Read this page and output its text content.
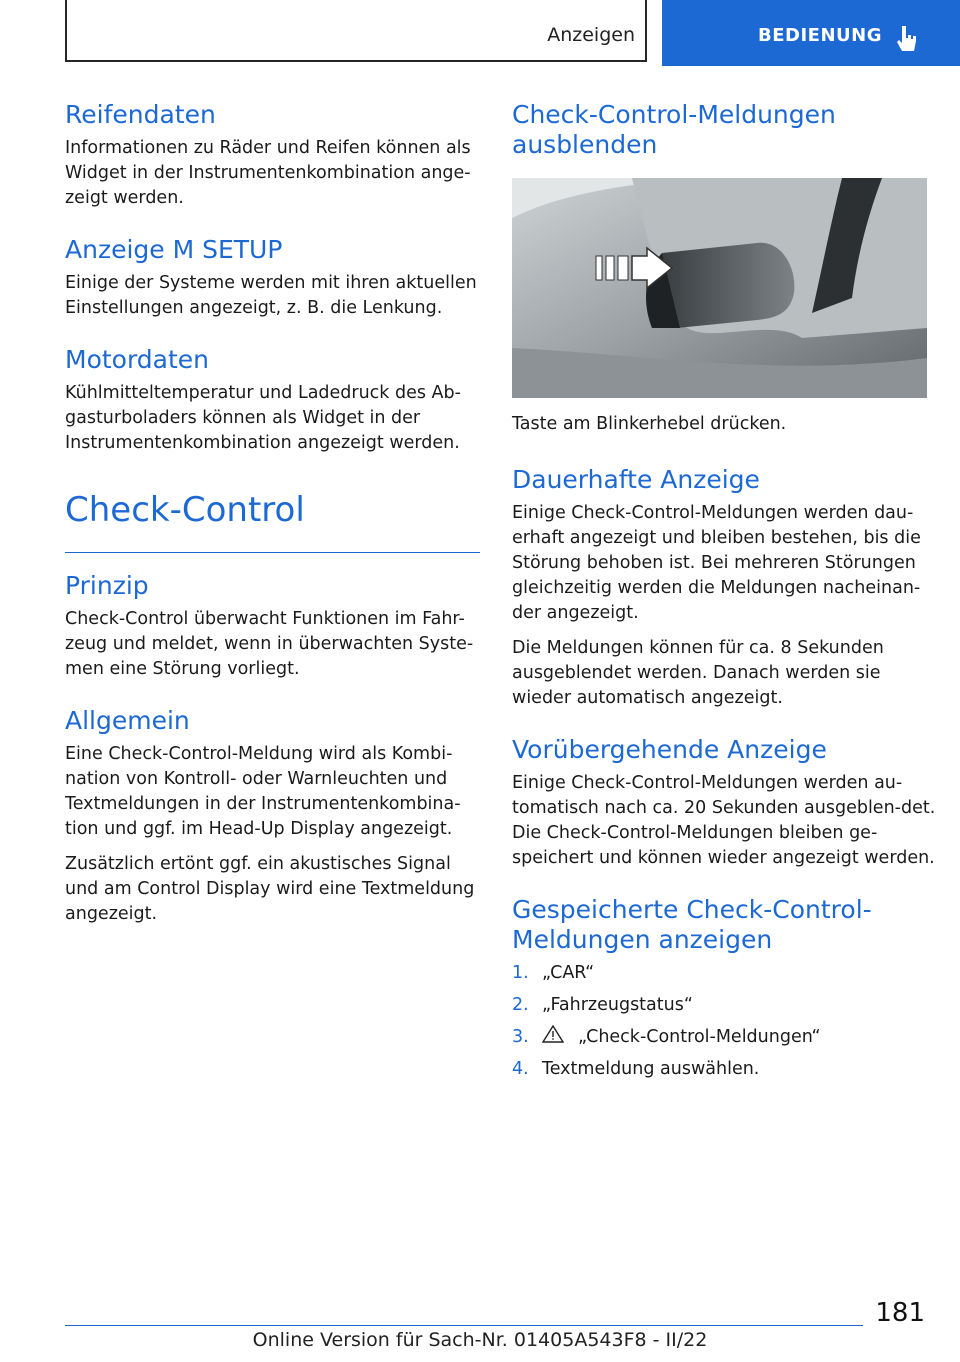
Anzeigen	BEDIENUNG
Reifendaten

Informationen zu Räder und Reifen können als Widget in der Instrumentenkombination ange-zeigt werden.

Anzeige M SETUP

Einige der Systeme werden mit ihren aktuellen Einstellungen angezeigt, z. B. die Lenkung.

Motordaten

Kühlmitteltemperatur und Ladedruck des Ab-gasturboladers können als Widget in der Instrumentenkombination angezeigt werden.

Check-Control
Prinzip

Check-Control überwacht Funktionen im Fahr-zeug und meldet, wenn in überwachten Syste-men eine Störung vorliegt.

Allgemein

Eine Check-Control-Meldung wird als Kombi-nation von Kontroll- oder Warnleuchten und Textmeldungen in der Instrumentenkombina-tion und ggf. im Head-Up Display angezeigt.

Zusätzlich ertönt ggf. ein akustisches Signal und am Control Display wird eine Textmeldung angezeigt.

Check-Control-Meldungen ausblenden

Taste am Blinkerhebel drücken.

Dauerhafte Anzeige

Einige Check-Control-Meldungen werden dau-erhaft angezeigt und bleiben bestehen, bis die Störung behoben ist. Bei mehreren Störungen gleichzeitig werden die Meldungen nacheinan-der angezeigt.

Die Meldungen können für ca. 8 Sekunden ausgeblendet werden. Danach werden sie wieder automatisch angezeigt.

Vorübergehende Anzeige

Einige Check-Control-Meldungen werden au-tomatisch nach ca. 20 Sekunden ausgeblen-det. Die Check-Control-Meldungen bleiben ge-speichert und können wieder angezeigt werden.

Gespeicherte Check-Control-Meldungen anzeigen
1. „CAR“
2. „Fahrzeugstatus“
3.	„Check-Control-Meldungen“
4. Textmeldung auswählen.
181
Online Version für Sach-Nr. 01405A543F8 - II/22
